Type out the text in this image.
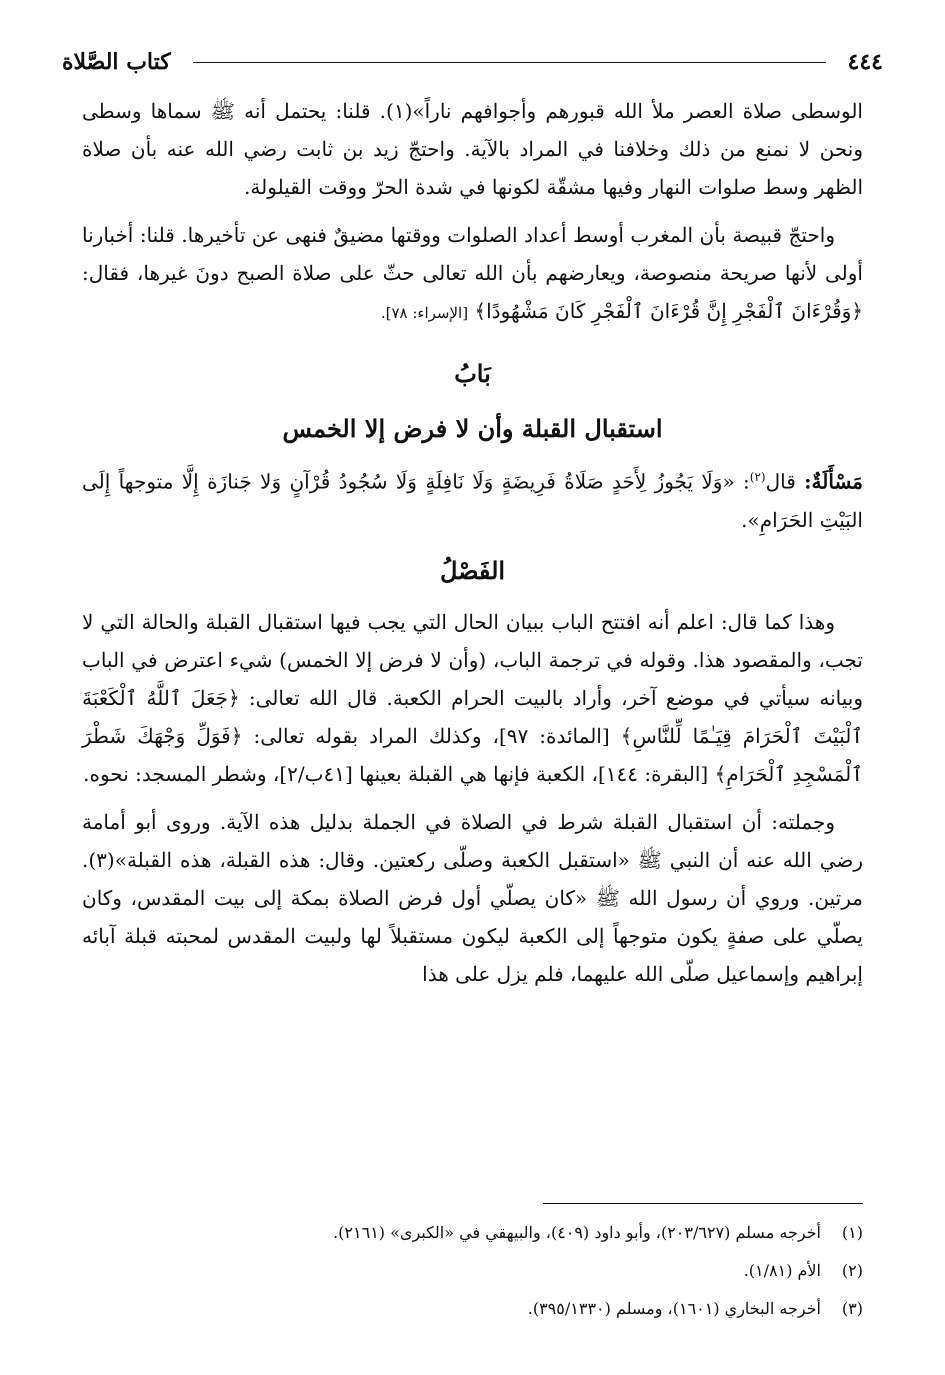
٤٤٤
كتاب الصَّلاة

الوسطى صلاة العصر ملأ الله قبورهم وأجوافهم ناراً»(١). قلنا: يحتمل أنه ﷺ سماها وسطى ونحن لا نمنع من ذلك وخلافنا في المراد بالآية. واحتجّ زيد بن ثابت رضي الله عنه بأن صلاة الظهر وسط صلوات النهار وفيها مشقّة لكونها في شدة الحرّ ووقت القيلولة.

واحتجّ قبيصة بأن المغرب أوسط أعداد الصلوات ووقتها مضيقٌ فنهى عن تأخيرها. قلنا: أخبارنا أولى لأنها صريحة منصوصة، ويعارضهم بأن الله تعالى حثّ على صلاة الصبح دونَ غيرها، فقال: ﴿وَقُرْءَانَ ٱلْفَجْرِ إِنَّ قُرْءَانَ ٱلْفَجْرِ كَانَ مَشْهُودًا﴾ [الإسراء: ٧٨].

بَابُ
استقبال القبلة وأن لا فرض إلا الخمس

مَسْأَلَةٌ: قال$^{(٢)}$: «وَلَا يَجُوزُ لِأَحَدٍ صَلَاةُ فَرِيضَةٍ وَلَا نَافِلَةٍ وَلَا سُجُودُ قُرْآنٍ وَلا جَنازَة إِلَّا متوجهاً إِلَى البَيْتِ الحَرَامِ».

الفَصْلُ

وهذا كما قال: اعلم أنه افتتح الباب ببيان الحال التي يجب فيها استقبال القبلة والحالة التي لا تجب، والمقصود هذا. وقوله في ترجمة الباب، (وأن لا فرض إلا الخمس) شيء اعترض في الباب وبيانه سيأتي في موضع آخر، وأراد بالبيت الحرام الكعبة. قال الله تعالى: ﴿جَعَلَ ٱللَّهُ ٱلْكَعْبَةَ ٱلْبَيْتَ ٱلْحَرَامَ قِيَـٰمًا لِّلنَّاسِ﴾ [المائدة: ٩٧]، وكذلك المراد بقوله تعالى: ﴿فَوَلِّ وَجْهَكَ شَطْرَ ٱلْمَسْجِدِ ٱلْحَرَامِ﴾ [البقرة: ١٤٤]، الكعبة فإنها هي القبلة بعينها [٤١ب/٢]، وشطر المسجد: نحوه.

وجملته: أن استقبال القبلة شرط في الصلاة في الجملة بدليل هذه الآية. وروى أبو أمامة رضي الله عنه أن النبي ﷺ «استقبل الكعبة وصلّى ركعتين. وقال: هذه القبلة، هذه القبلة»(٣). مرتين. وروي أن رسول الله ﷺ «كان يصلّي أول فرض الصلاة بمكة إلى بيت المقدس، وكان يصلّي على صفةٍ يكون متوجهاً إلى الكعبة ليكون مستقبلاً لها ولبيت المقدس لمحبته قبلة آبائه إبراهيم وإسماعيل صلّى الله عليهما، فلم يزل على هذا

(١)
أخرجه مسلم (٢٠٣/٦٢٧)، وأبو داود (٤٠٩)، والبيهقي في «الكبرى» (٢١٦١).
(٢)
الأم (١/٨١).
(٣)
أخرجه البخاري (١٦٠١)، ومسلم (٣٩٥/١٣٣٠).
